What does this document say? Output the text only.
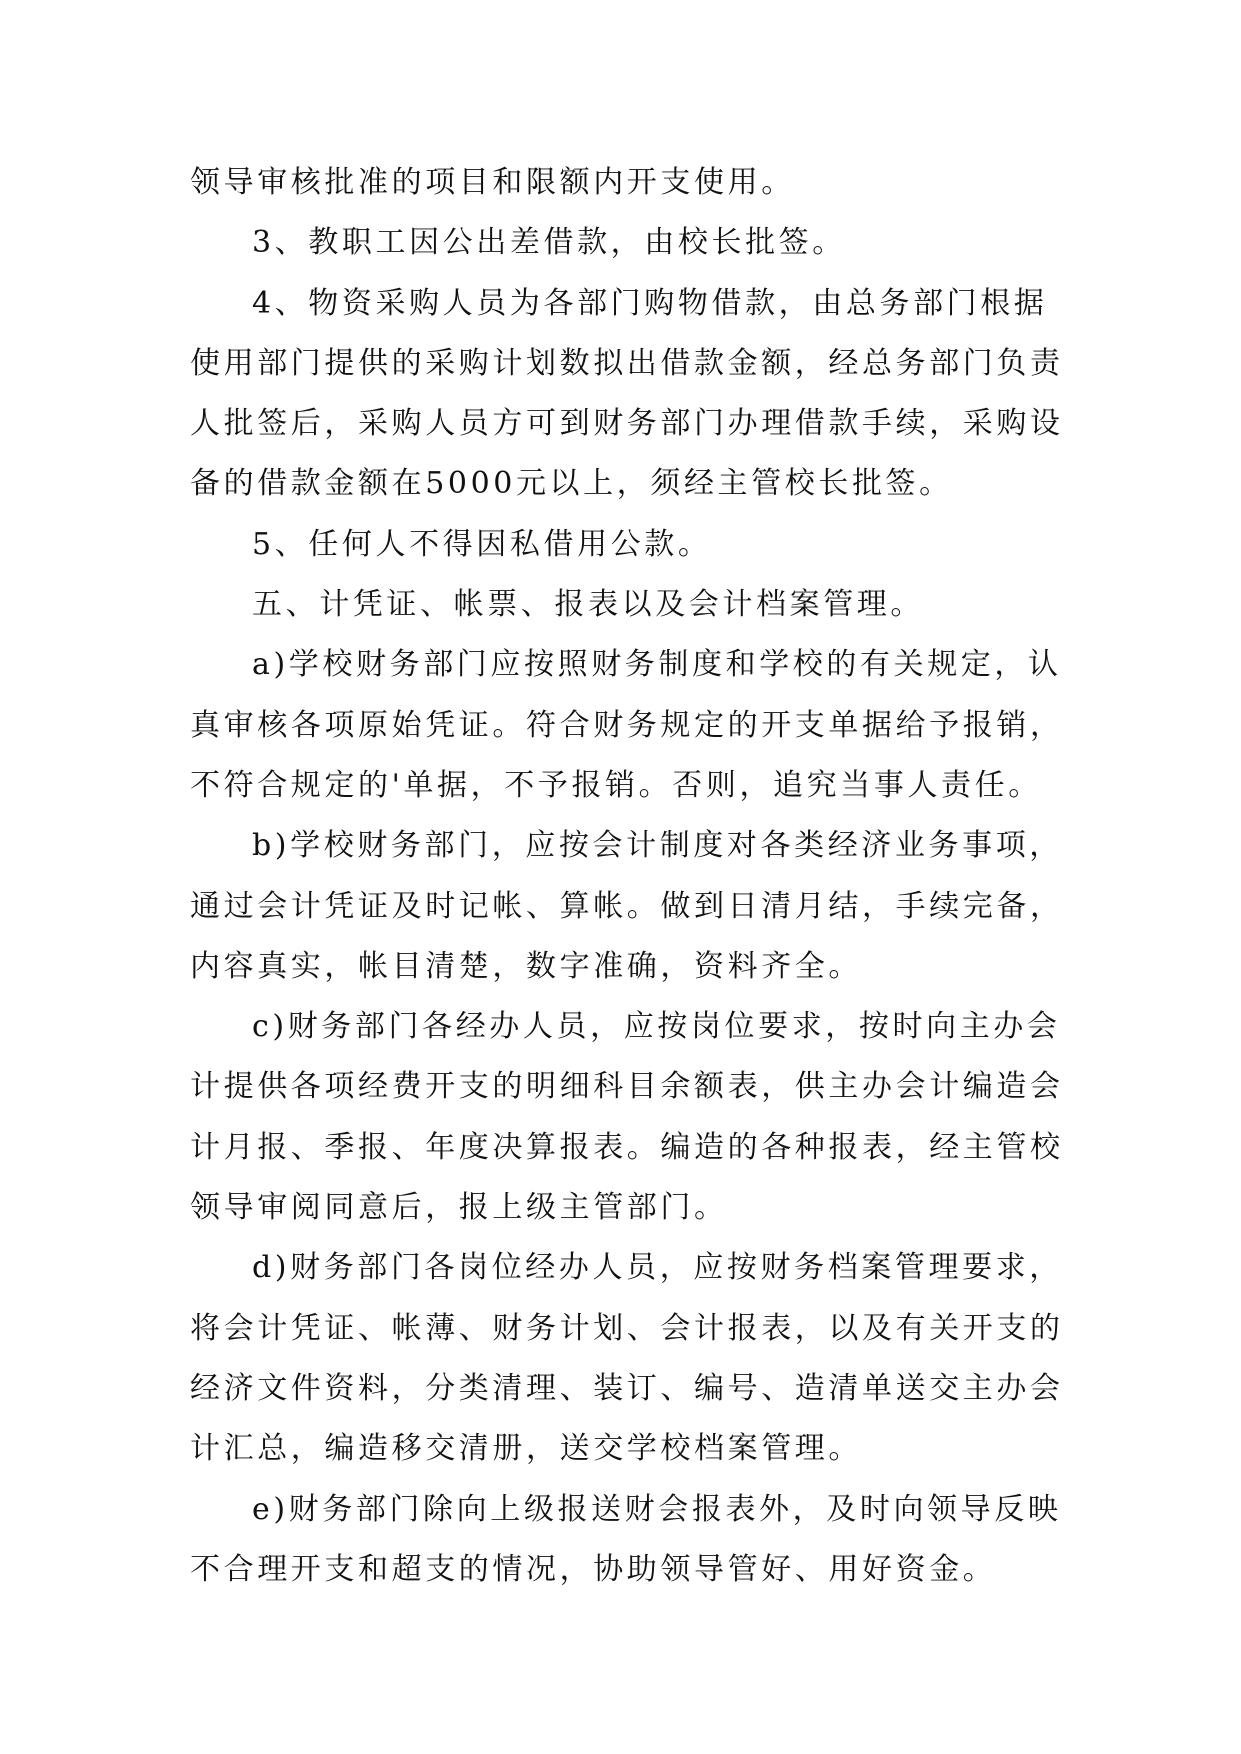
领导审核批准的项目和限额内开支使用。

3、教职工因公出差借款，由校长批签。

4、物资采购人员为各部门购物借款，由总务部门根据使用部门提供的采购计划数拟出借款金额，经总务部门负责人批签后，采购人员方可到财务部门办理借款手续，采购设备的借款金额在5000元以上，须经主管校长批签。

5、任何人不得因私借用公款。

五、计凭证、帐票、报表以及会计档案管理。

a)学校财务部门应按照财务制度和学校的有关规定，认真审核各项原始凭证。符合财务规定的开支单据给予报销，不符合规定的'单据，不予报销。否则，追究当事人责任。

b)学校财务部门，应按会计制度对各类经济业务事项，通过会计凭证及时记帐、算帐。做到日清月结，手续完备，内容真实，帐目清楚，数字准确，资料齐全。

c)财务部门各经办人员，应按岗位要求，按时向主办会计提供各项经费开支的明细科目余额表，供主办会计编造会计月报、季报、年度决算报表。编造的各种报表，经主管校领导审阅同意后，报上级主管部门。

d)财务部门各岗位经办人员，应按财务档案管理要求，将会计凭证、帐薄、财务计划、会计报表，以及有关开支的经济文件资料，分类清理、装订、编号、造清单送交主办会计汇总，编造移交清册，送交学校档案管理。

e)财务部门除向上级报送财会报表外，及时向领导反映不合理开支和超支的情况，协助领导管好、用好资金。
